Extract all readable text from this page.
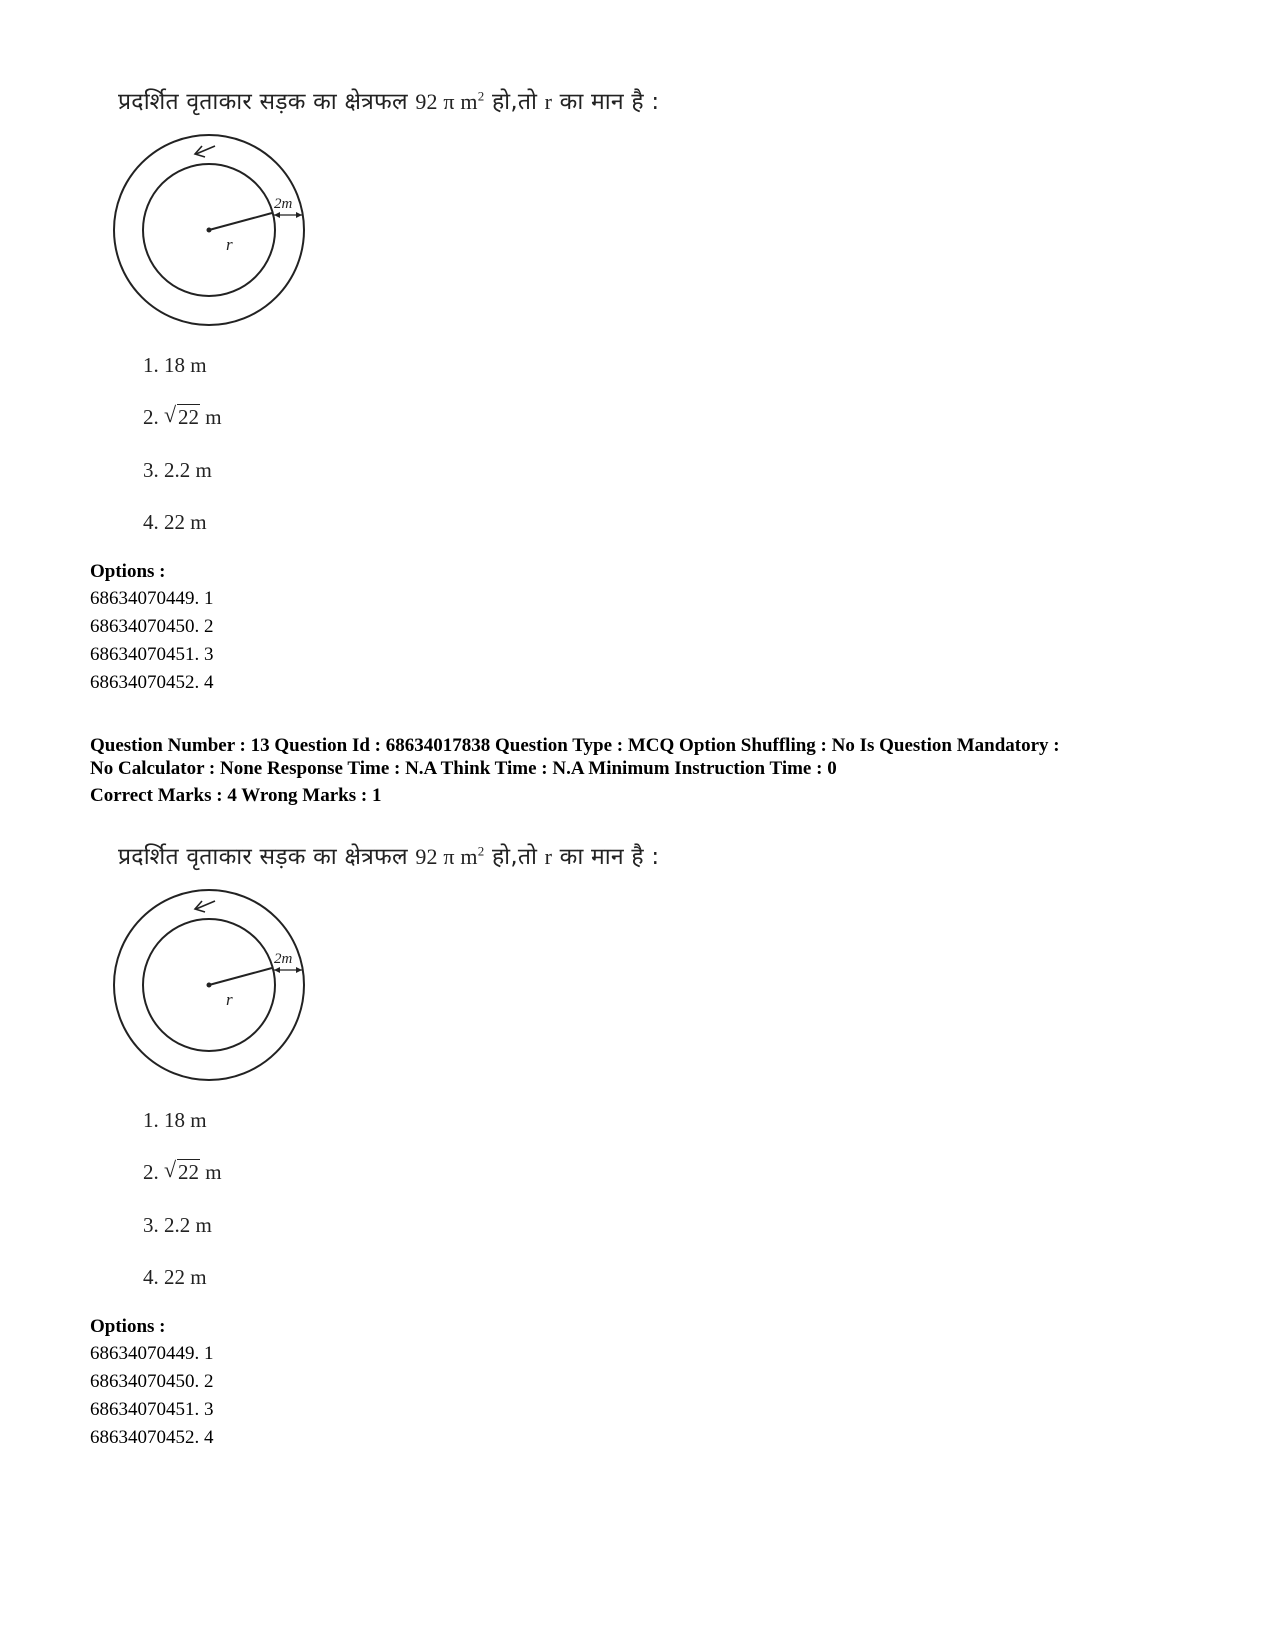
प्रदर्शित वृताकार सड़क का क्षेत्रफल 92 π $m^2$ हो,तो r का मान है :
2m
r
1. 18 m
2. √ 22 m
3. 2.2 m
4. 22 m
Options :
68634070449. 1
68634070450. 2
68634070451. 3
68634070452. 4
Question Number : 13 Question Id : 68634017838 Question Type : MCQ Option Shuffling : No Is Question Mandatory :
No Calculator : None Response Time : N.A Think Time : N.A Minimum Instruction Time : 0
Correct Marks : 4 Wrong Marks : 1
प्रदर्शित वृताकार सड़क का क्षेत्रफल 92 π $m^2$ हो,तो r का मान है :
2m
r
1. 18 m
2. √ 22 m
3. 2.2 m
4. 22 m
Options :
68634070449. 1
68634070450. 2
68634070451. 3
68634070452. 4
